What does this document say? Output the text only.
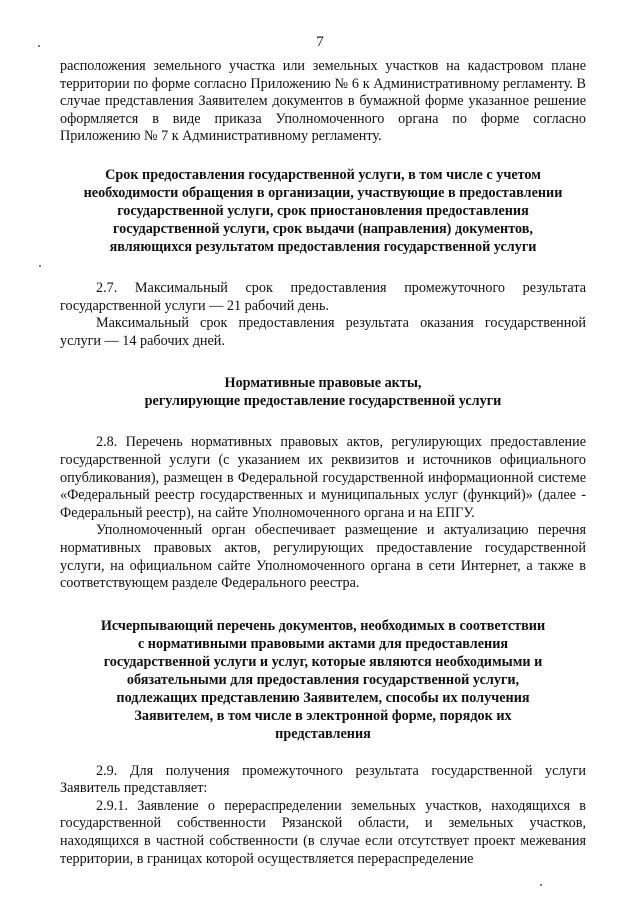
7

расположения земельного участка или земельных участков на кадастровом плане территории по форме согласно Приложению № 6 к Административному регламенту. В случае представления Заявителем документов в бумажной форме указанное решение оформляется в виде приказа Уполномоченного органа по форме согласно Приложению № 7 к Административному регламенту.

Срок предоставления государственной услуги, в том числе с учетом
необходимости обращения в организации, участвующие в предоставлении
государственной услуги, срок приостановления предоставления
государственной услуги, срок выдачи (направления) документов,
являющихся результатом предоставления государственной услуги

2.7. Максимальный срок предоставления промежуточного результата государственной услуги — 21 рабочий день.

Максимальный срок предоставления результата оказания государственной услуги — 14 рабочих дней.

Нормативные правовые акты,
регулирующие предоставление государственной услуги

2.8. Перечень нормативных правовых актов, регулирующих предоставление государственной услуги (с указанием их реквизитов и источников официального опубликования), размещен в Федеральной государственной информационной системе «Федеральный реестр государственных и муниципальных услуг (функций)» (далее - Федеральный реестр), на сайте Уполномоченного органа и на ЕПГУ.

Уполномоченный орган обеспечивает размещение и актуализацию перечня нормативных правовых актов, регулирующих предоставление государственной услуги, на официальном сайте Уполномоченного органа в сети Интернет, а также в соответствующем разделе Федерального реестра.

Исчерпывающий перечень документов, необходимых в соответствии
с нормативными правовыми актами для предоставления
государственной услуги и услуг, которые являются необходимыми и
обязательными для предоставления государственной услуги,
подлежащих представлению Заявителем, способы их получения
Заявителем, в том числе в электронной форме, порядок их
представления

2.9. Для получения промежуточного результата государственной услуги Заявитель представляет:

2.9.1. Заявление о перераспределении земельных участков, находящихся в государственной собственности Рязанской области, и земельных участков, находящихся в частной собственности (в случае если отсутствует проект межевания территории, в границах которой осуществляется перераспределение
